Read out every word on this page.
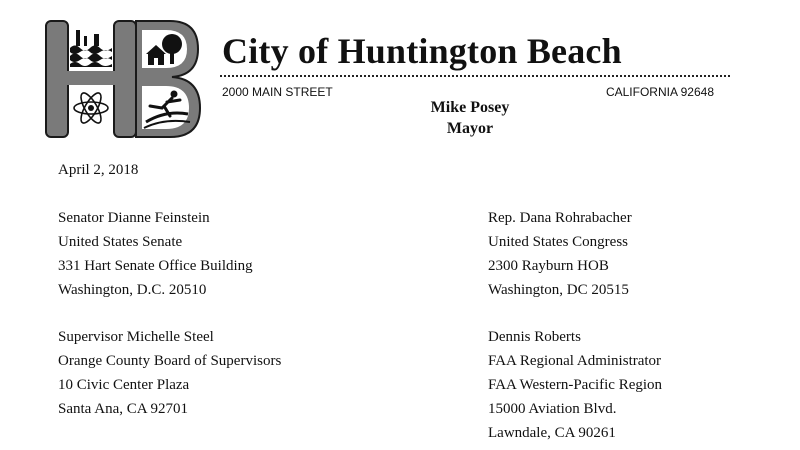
City of Huntington Beach
2000 MAIN STREET	CALIFORNIA 92648
Mike Posey
Mayor
April 2, 2018
Senator Dianne Feinstein
United States Senate
331 Hart Senate Office Building
Washington, D.C. 20510
Rep. Dana Rohrabacher
United States Congress
2300 Rayburn HOB
Washington, DC 20515
Supervisor Michelle Steel
Orange County Board of Supervisors
10 Civic Center Plaza
Santa Ana, CA 92701
Dennis Roberts
FAA Regional Administrator
FAA Western-Pacific Region
15000 Aviation Blvd.
Lawndale, CA 90261
